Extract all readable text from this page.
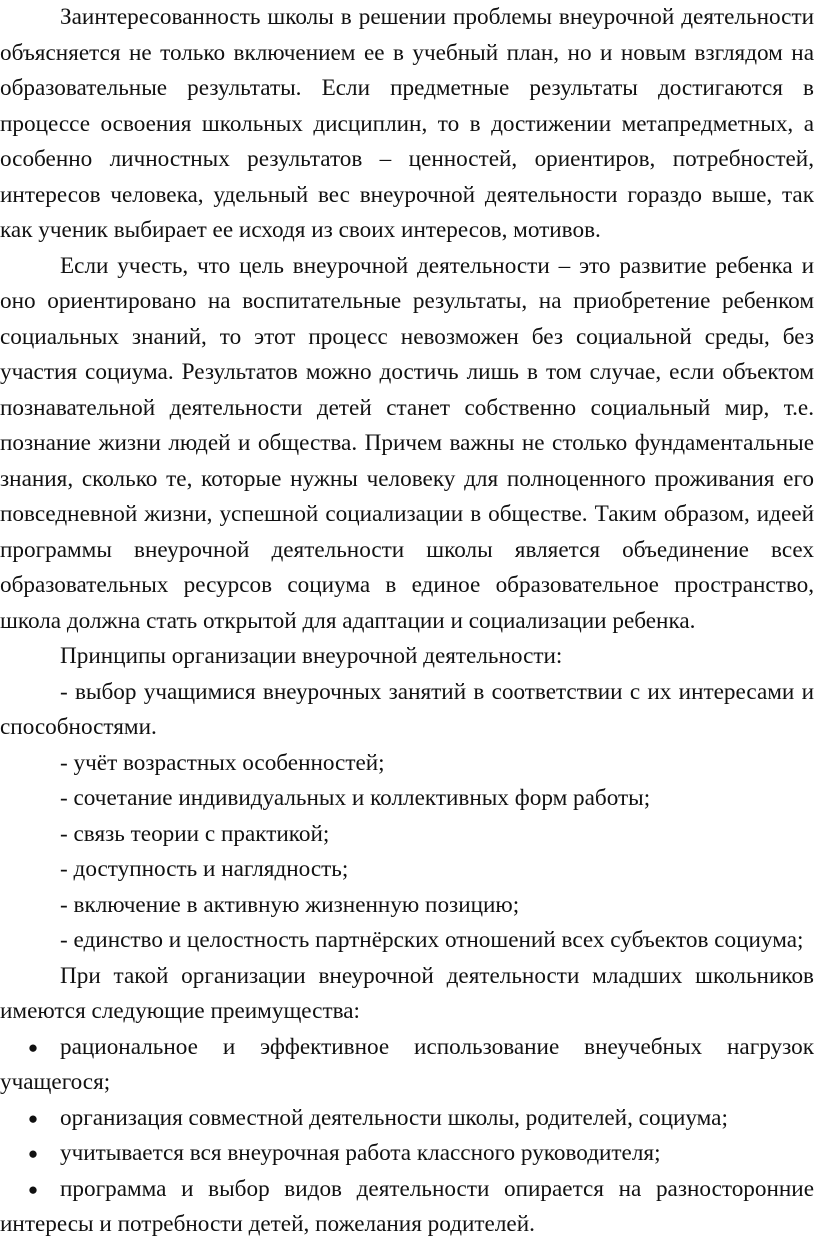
Заинтересованность школы в решении проблемы внеурочной деятельности объясняется не только включением ее в учебный план, но и новым взглядом на образовательные результаты. Если предметные результаты достигаются в процессе освоения школьных дисциплин, то в достижении метапредметных, а особенно личностных результатов – ценностей, ориентиров, потребностей, интересов человека, удельный вес внеурочной деятельности гораздо выше, так как ученик выбирает ее исходя из своих интересов, мотивов.

Если учесть, что цель внеурочной деятельности – это развитие ребенка и оно ориентировано на воспитательные результаты, на приобретение ребенком социальных знаний, то этот процесс невозможен без социальной среды, без участия социума. Результатов можно достичь лишь в том случае, если объектом познавательной деятельности детей станет собственно социальный мир, т.е. познание жизни людей и общества. Причем важны не столько фундаментальные знания, сколько те, которые нужны человеку для полноценного проживания его повседневной жизни, успешной социализации в обществе. Таким образом, идеей программы внеурочной деятельности школы является объединение всех образовательных ресурсов социума в единое образовательное пространство, школа должна стать открытой для адаптации и социализации ребенка.

Принципы организации внеурочной деятельности:

- выбор учащимися внеурочных занятий в соответствии с их интересами и способностями.

- учёт возрастных особенностей;

- сочетание индивидуальных и коллективных форм работы;

- связь теории с практикой;

- доступность и наглядность;

- включение в активную жизненную позицию;

- единство и целостность партнёрских отношений всех субъектов социума;

При такой организации внеурочной деятельности младших школьников имеются следующие преимущества:

● рациональное и эффективное использование внеучебных нагрузок учащегося;

● организация совместной деятельности школы, родителей, социума;

● учитывается вся внеурочная работа классного руководителя;

● программа и выбор видов деятельности опирается на разносторонние интересы и потребности детей, пожелания родителей.
